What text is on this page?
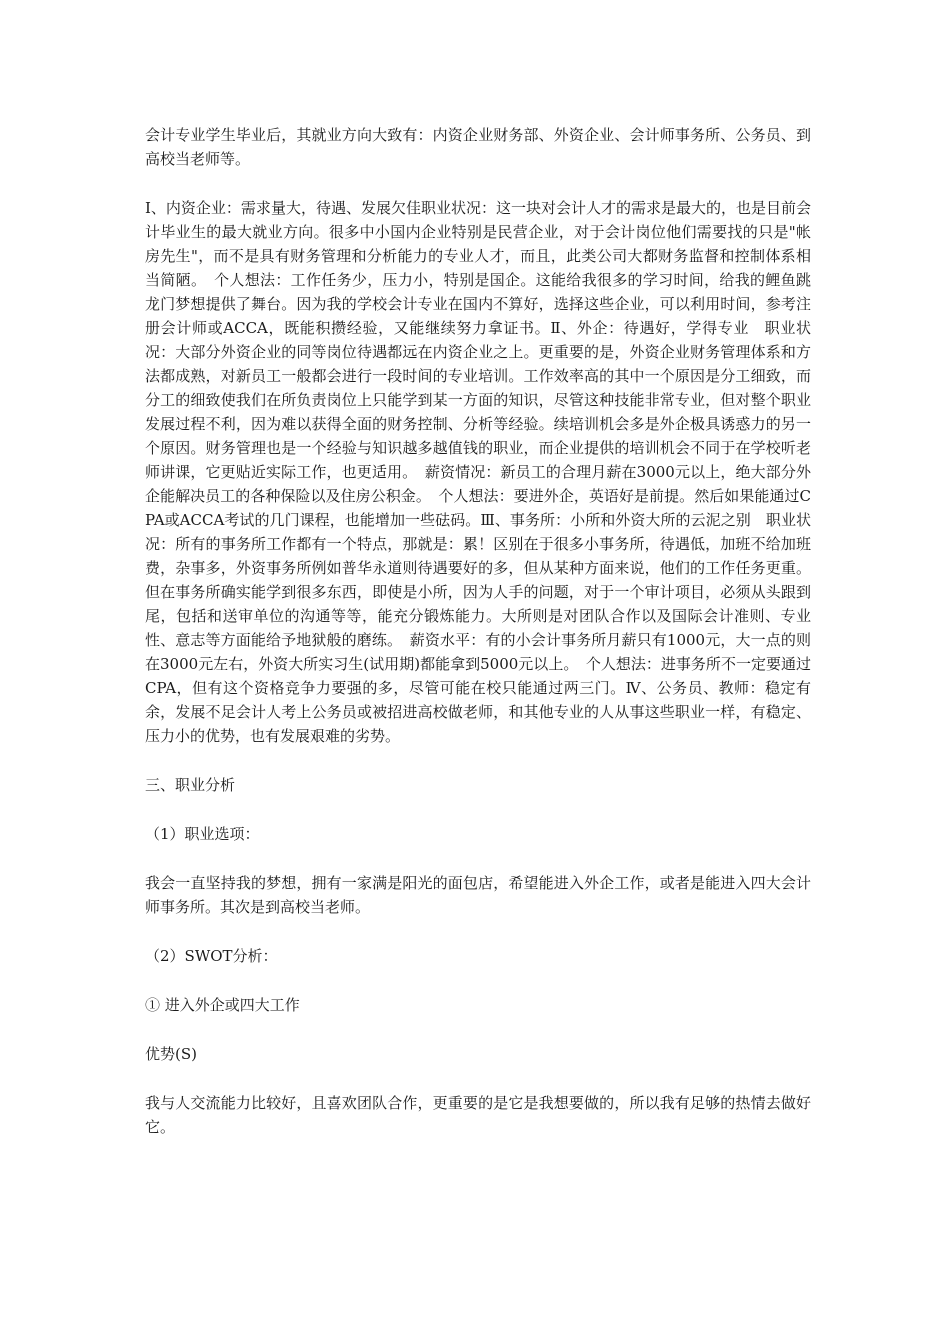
会计专业学生毕业后，其就业方向大致有：内资企业财务部、外资企业、会计师事务所、公务员、到高校当老师等。

Ⅰ、内资企业：需求量大，待遇、发展欠佳职业状况：这一块对会计人才的需求是最大的，也是目前会计毕业生的最大就业方向。很多中小国内企业特别是民营企业，对于会计岗位他们需要找的只是"帐房先生"，而不是具有财务管理和分析能力的专业人才，而且，此类公司大都财务监督和控制体系相当简陋。　个人想法：工作任务少，压力小，特别是国企。这能给我很多的学习时间，给我的鲤鱼跳龙门梦想提供了舞台。因为我的学校会计专业在国内不算好，选择这些企业，可以利用时间，参考注册会计师或ACCA，既能积攒经验，又能继续努力拿证书。Ⅱ、外企：待遇好，学得专业　职业状况：大部分外资企业的同等岗位待遇都远在内资企业之上。更重要的是，外资企业财务管理体系和方法都成熟，对新员工一般都会进行一段时间的专业培训。工作效率高的其中一个原因是分工细致，而分工的细致使我们在所负责岗位上只能学到某一方面的知识，尽管这种技能非常专业，但对整个职业发展过程不利，因为难以获得全面的财务控制、分析等经验。续培训机会多是外企极具诱惑力的另一个原因。财务管理也是一个经验与知识越多越值钱的职业，而企业提供的培训机会不同于在学校听老师讲课，它更贴近实际工作，也更适用。　薪资情况：新员工的合理月薪在3000元以上，绝大部分外企能解决员工的各种保险以及住房公积金。　个人想法：要进外企，英语好是前提。然后如果能通过CPA或ACCA考试的几门课程，也能增加一些砝码。Ⅲ、事务所：小所和外资大所的云泥之别　职业状况：所有的事务所工作都有一个特点，那就是：累！区别在于很多小事务所，待遇低，加班不给加班费，杂事多，外资事务所例如普华永道则待遇要好的多，但从某种方面来说，他们的工作任务更重。但在事务所确实能学到很多东西，即使是小所，因为人手的问题，对于一个审计项目，必须从头跟到尾，包括和送审单位的沟通等等，能充分锻炼能力。大所则是对团队合作以及国际会计准则、专业性、意志等方面能给予地狱般的磨练。　薪资水平：有的小会计事务所月薪只有1000元，大一点的则在3000元左右，外资大所实习生(试用期)都能拿到5000元以上。　个人想法：进事务所不一定要通过CPA，但有这个资格竞争力要强的多，尽管可能在校只能通过两三门。Ⅳ、公务员、教师：稳定有余，发展不足会计人考上公务员或被招进高校做老师，和其他专业的人从事这些职业一样，有稳定、压力小的优势，也有发展艰难的劣势。

三、职业分析

（1）职业选项：

我会一直坚持我的梦想，拥有一家满是阳光的面包店，希望能进入外企工作，或者是能进入四大会计师事务所。其次是到高校当老师。

（2）SWOT分析：

① 进入外企或四大工作

优势(S)

我与人交流能力比较好，且喜欢团队合作，更重要的是它是我想要做的，所以我有足够的热情去做好它。
